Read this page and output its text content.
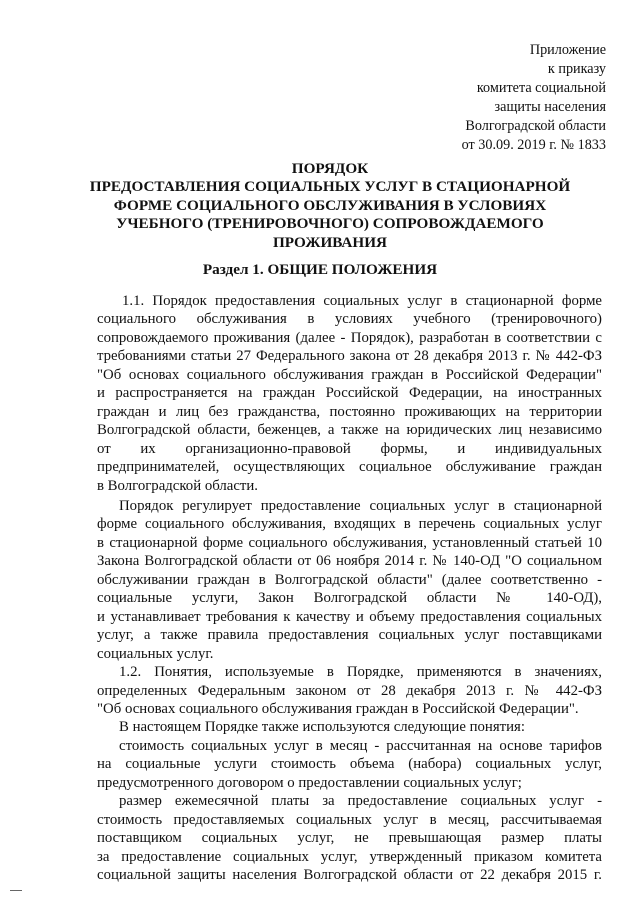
Приложение
к приказу
комитета социальной
защиты населения
Волгоградской области
от 30.09. 2019 г. № 1833
ПОРЯДОК
ПРЕДОСТАВЛЕНИЯ СОЦИАЛЬНЫХ УСЛУГ В СТАЦИОНАРНОЙ
ФОРМЕ СОЦИАЛЬНОГО ОБСЛУЖИВАНИЯ В УСЛОВИЯХ
УЧЕБНОГО (ТРЕНИРОВОЧНОГО) СОПРОВОЖДАЕМОГО
ПРОЖИВАНИЯ
Раздел 1. ОБЩИЕ ПОЛОЖЕНИЯ
1.1. Порядок предоставления социальных услуг в стационарной форме
социального обслуживания в условиях учебного (тренировочного)
сопровождаемого проживания (далее - Порядок), разработан в соответствии с
требованиями статьи 27 Федерального закона от 28 декабря 2013 г. № 442-ФЗ
"Об основах социального обслуживания граждан в Российской Федерации"
и распространяется на граждан Российской Федерации, на иностранных
граждан и лиц без гражданства, постоянно проживающих на территории
Волгоградской области, беженцев, а также на юридических лиц независимо
от их организационно-правовой формы, и индивидуальных
предпринимателей, осуществляющих социальное обслуживание граждан
в Волгоградской области.
Порядок регулирует предоставление социальных услуг в стационарной
форме социального обслуживания, входящих в перечень социальных услуг
в стационарной форме социального обслуживания, установленный статьей 10
Закона Волгоградской области от 06 ноября 2014 г. № 140-ОД "О социальном
обслуживании граждан в Волгоградской области" (далее соответственно -
социальные услуги, Закон Волгоградской области № 140-ОД),
и устанавливает требования к качеству и объему предоставления социальных
услуг, а также правила предоставления социальных услуг поставщиками
социальных услуг.
1.2. Понятия, используемые в Порядке, применяются в значениях,
определенных Федеральным законом от 28 декабря 2013 г. № 442-ФЗ
"Об основах социального обслуживания граждан в Российской Федерации".
В настоящем Порядке также используются следующие понятия:
стоимость социальных услуг в месяц - рассчитанная на основе тарифов
на социальные услуги стоимость объема (набора) социальных услуг,
предусмотренного договором о предоставлении социальных услуг;
размер ежемесячной платы за предоставление социальных услуг -
стоимость предоставляемых социальных услуг в месяц, рассчитываемая
поставщиком социальных услуг, не превышающая размер платы
за предоставление социальных услуг, утвержденный приказом комитета
социальной защиты населения Волгоградской области от 22 декабря 2015 г.
